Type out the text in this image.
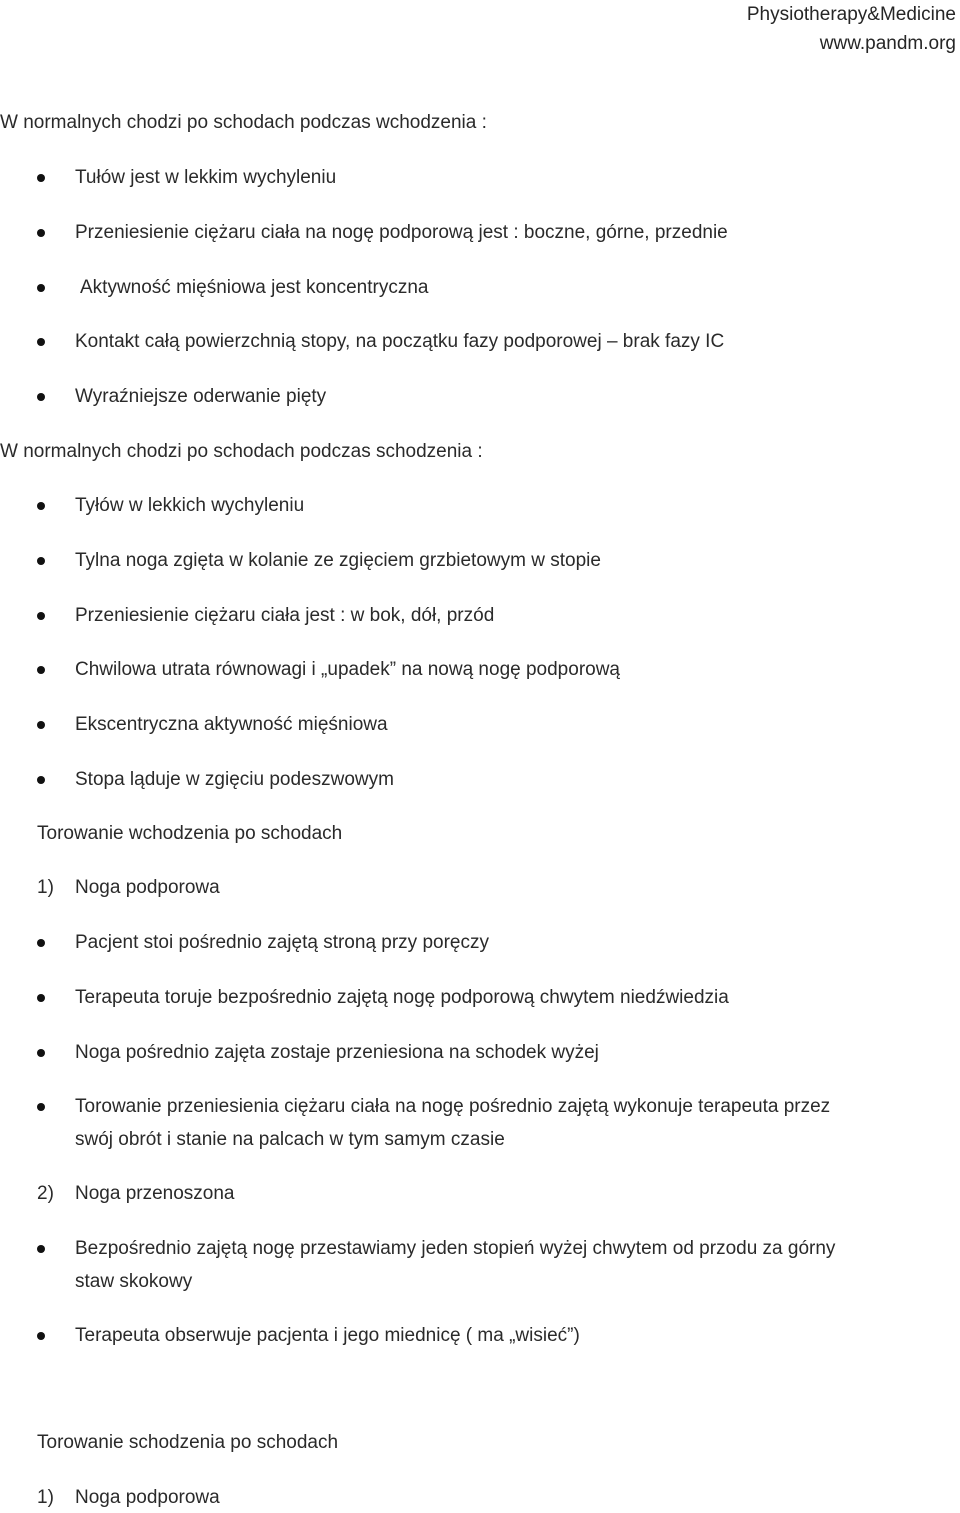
Physiotherapy&Medicine
www.pandm.org
W normalnych chodzi po schodach podczas wchodzenia :
Tułów jest w lekkim wychyleniu
Przeniesienie ciężaru ciała na nogę podporową jest : boczne, górne, przednie
Aktywność mięśniowa jest koncentryczna
Kontakt całą powierzchnią stopy, na początku fazy podporowej – brak fazy IC
Wyraźniejsze oderwanie pięty
W normalnych chodzi po schodach podczas schodzenia :
Tyłów w lekkich wychyleniu
Tylna noga zgięta w kolanie ze zgięciem grzbietowym w stopie
Przeniesienie ciężaru ciała jest : w bok, dół, przód
Chwilowa utrata równowagi i „upadek” na nową nogę podporową
Ekscentryczna aktywność mięśniowa
Stopa ląduje w zgięciu podeszwowym
Torowanie wchodzenia po schodach
1) Noga podporowa
Pacjent stoi pośrednio zajętą stroną przy poręczy
Terapeuta toruje bezpośrednio zajętą nogę podporową chwytem niedźwiedzia
Noga pośrednio zajęta zostaje przeniesiona na schodek wyżej
Torowanie przeniesienia ciężaru ciała na nogę pośrednio zajętą wykonuje terapeuta przez
swój obrót i stanie na palcach w tym samym czasie
2) Noga przenoszona
Bezpośrednio zajętą nogę przestawiamy jeden stopień wyżej chwytem od przodu za górny
staw skokowy
Terapeuta obserwuje pacjenta i jego miednicę ( ma „wisieć”)
Torowanie schodzenia po schodach
1) Noga podporowa
